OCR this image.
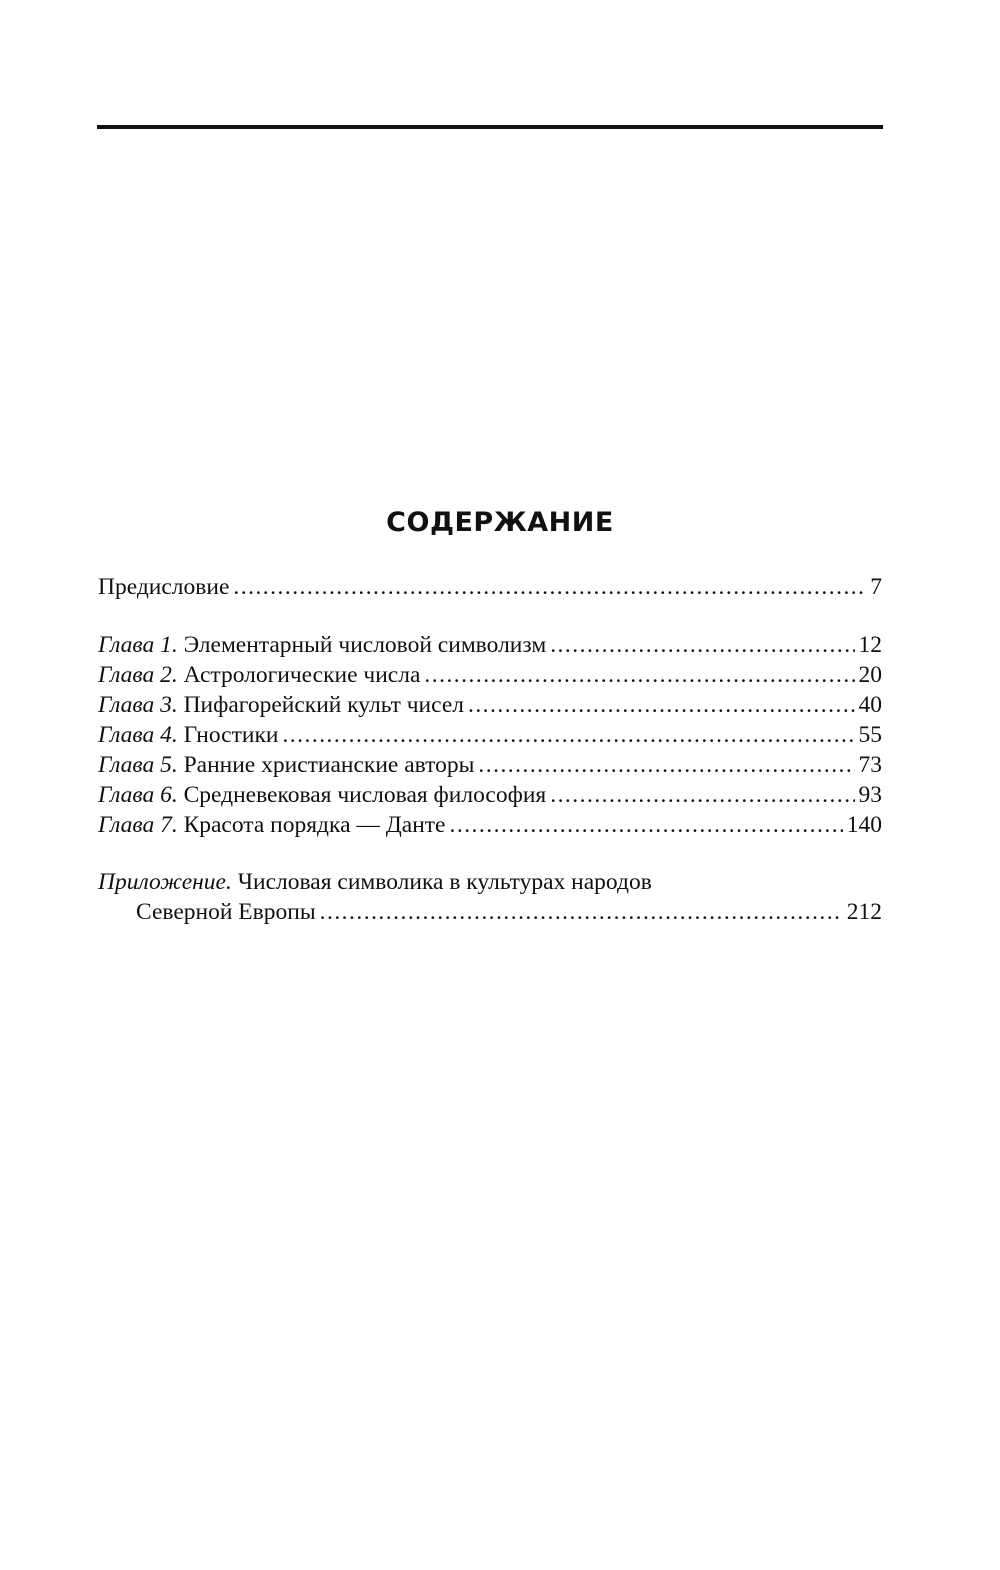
СОДЕРЖАНИЕ
Предисловие . . .	7
Глава 1. Элементарный числовой символизм . . .	12
Глава 2. Астрологические числа . . .	20
Глава 3. Пифагорейский культ чисел . . .	40
Глава 4. Гностики . . .	55
Глава 5. Ранние христианские авторы . . .	73
Глава 6. Средневековая числовая философия . . .	93
Глава 7. Красота порядка — Данте . . .	140
Приложение. Числовая символика в культурах народов
Северной Европы . . .	212
